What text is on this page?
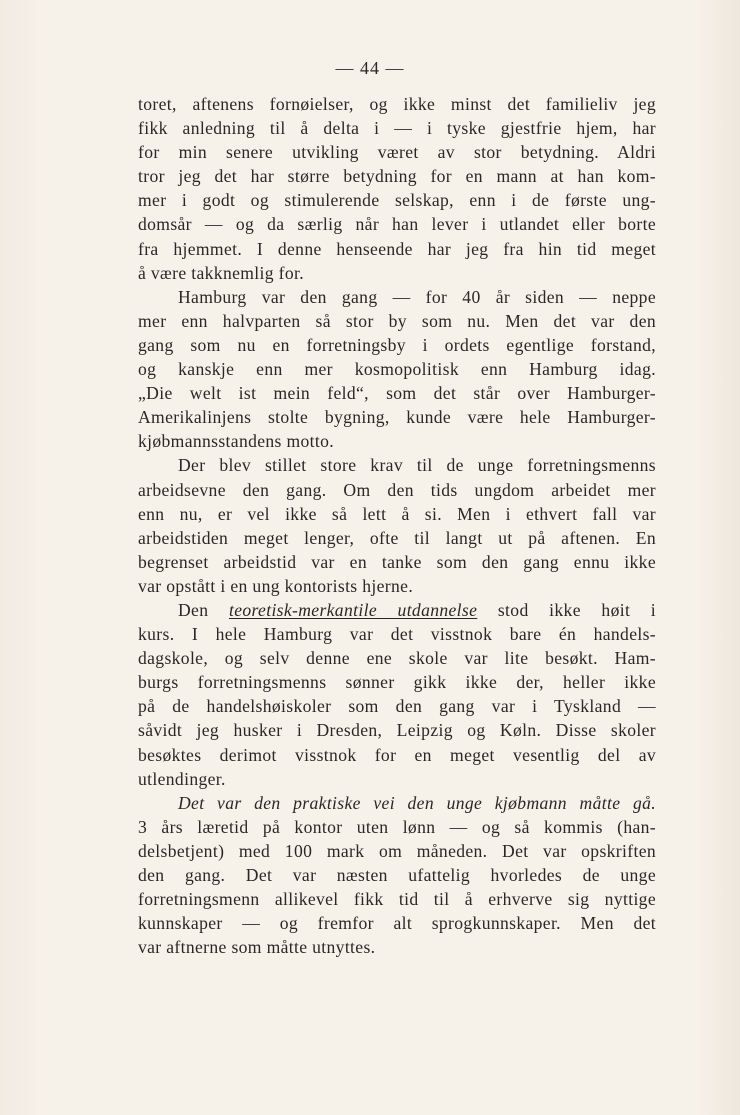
— 44 —
toret, aftenens fornøielser, og ikke minst det familieliv jeg
fikk anledning til å delta i — i tyske gjestfrie hjem, har
for min senere utvikling været av stor betydning. Aldri
tror jeg det har større betydning for en mann at han kom-
mer i godt og stimulerende selskap, enn i de første ung-
domsår — og da særlig når han lever i utlandet eller borte
fra hjemmet. I denne henseende har jeg fra hin tid meget
å være takknemlig for.
Hamburg var den gang — for 40 år siden — neppe
mer enn halvparten så stor by som nu. Men det var den
gang som nu en forretningsby i ordets egentlige forstand,
og kanskje enn mer kosmopolitisk enn Hamburg idag.
„Die welt ist mein feld“, som det står over Hamburger-
Amerikalinjens stolte bygning, kunde være hele Hamburger-
kjøbmannsstandens motto.
Der blev stillet store krav til de unge forretningsmenns
arbeidsevne den gang. Om den tids ungdom arbeidet mer
enn nu, er vel ikke så lett å si. Men i ethvert fall var
arbeidstiden meget lenger, ofte til langt ut på aftenen. En
begrenset arbeidstid var en tanke som den gang ennu ikke
var opstått i en ung kontorists hjerne.
Den teoretisk-merkantile utdannelse stod ikke høit i
kurs. I hele Hamburg var det visstnok bare én handels-
dagskole, og selv denne ene skole var lite besøkt. Ham-
burgs forretningsmenns sønner gikk ikke der, heller ikke
på de handelshøiskoler som den gang var i Tyskland —
såvidt jeg husker i Dresden, Leipzig og Køln. Disse skoler
besøktes derimot visstnok for en meget vesentlig del av
utlendinger.
Det var den praktiske vei den unge kjøbmann måtte gå.
3 års læretid på kontor uten lønn — og så kommis (han-
delsbetjent) med 100 mark om måneden. Det var opskriften
den gang. Det var næsten ufattelig hvorledes de unge
forretningsmenn allikevel fikk tid til å erhverve sig nyttige
kunnskaper — og fremfor alt sprogkunnskaper. Men det
var aftnerne som måtte utnyttes.
